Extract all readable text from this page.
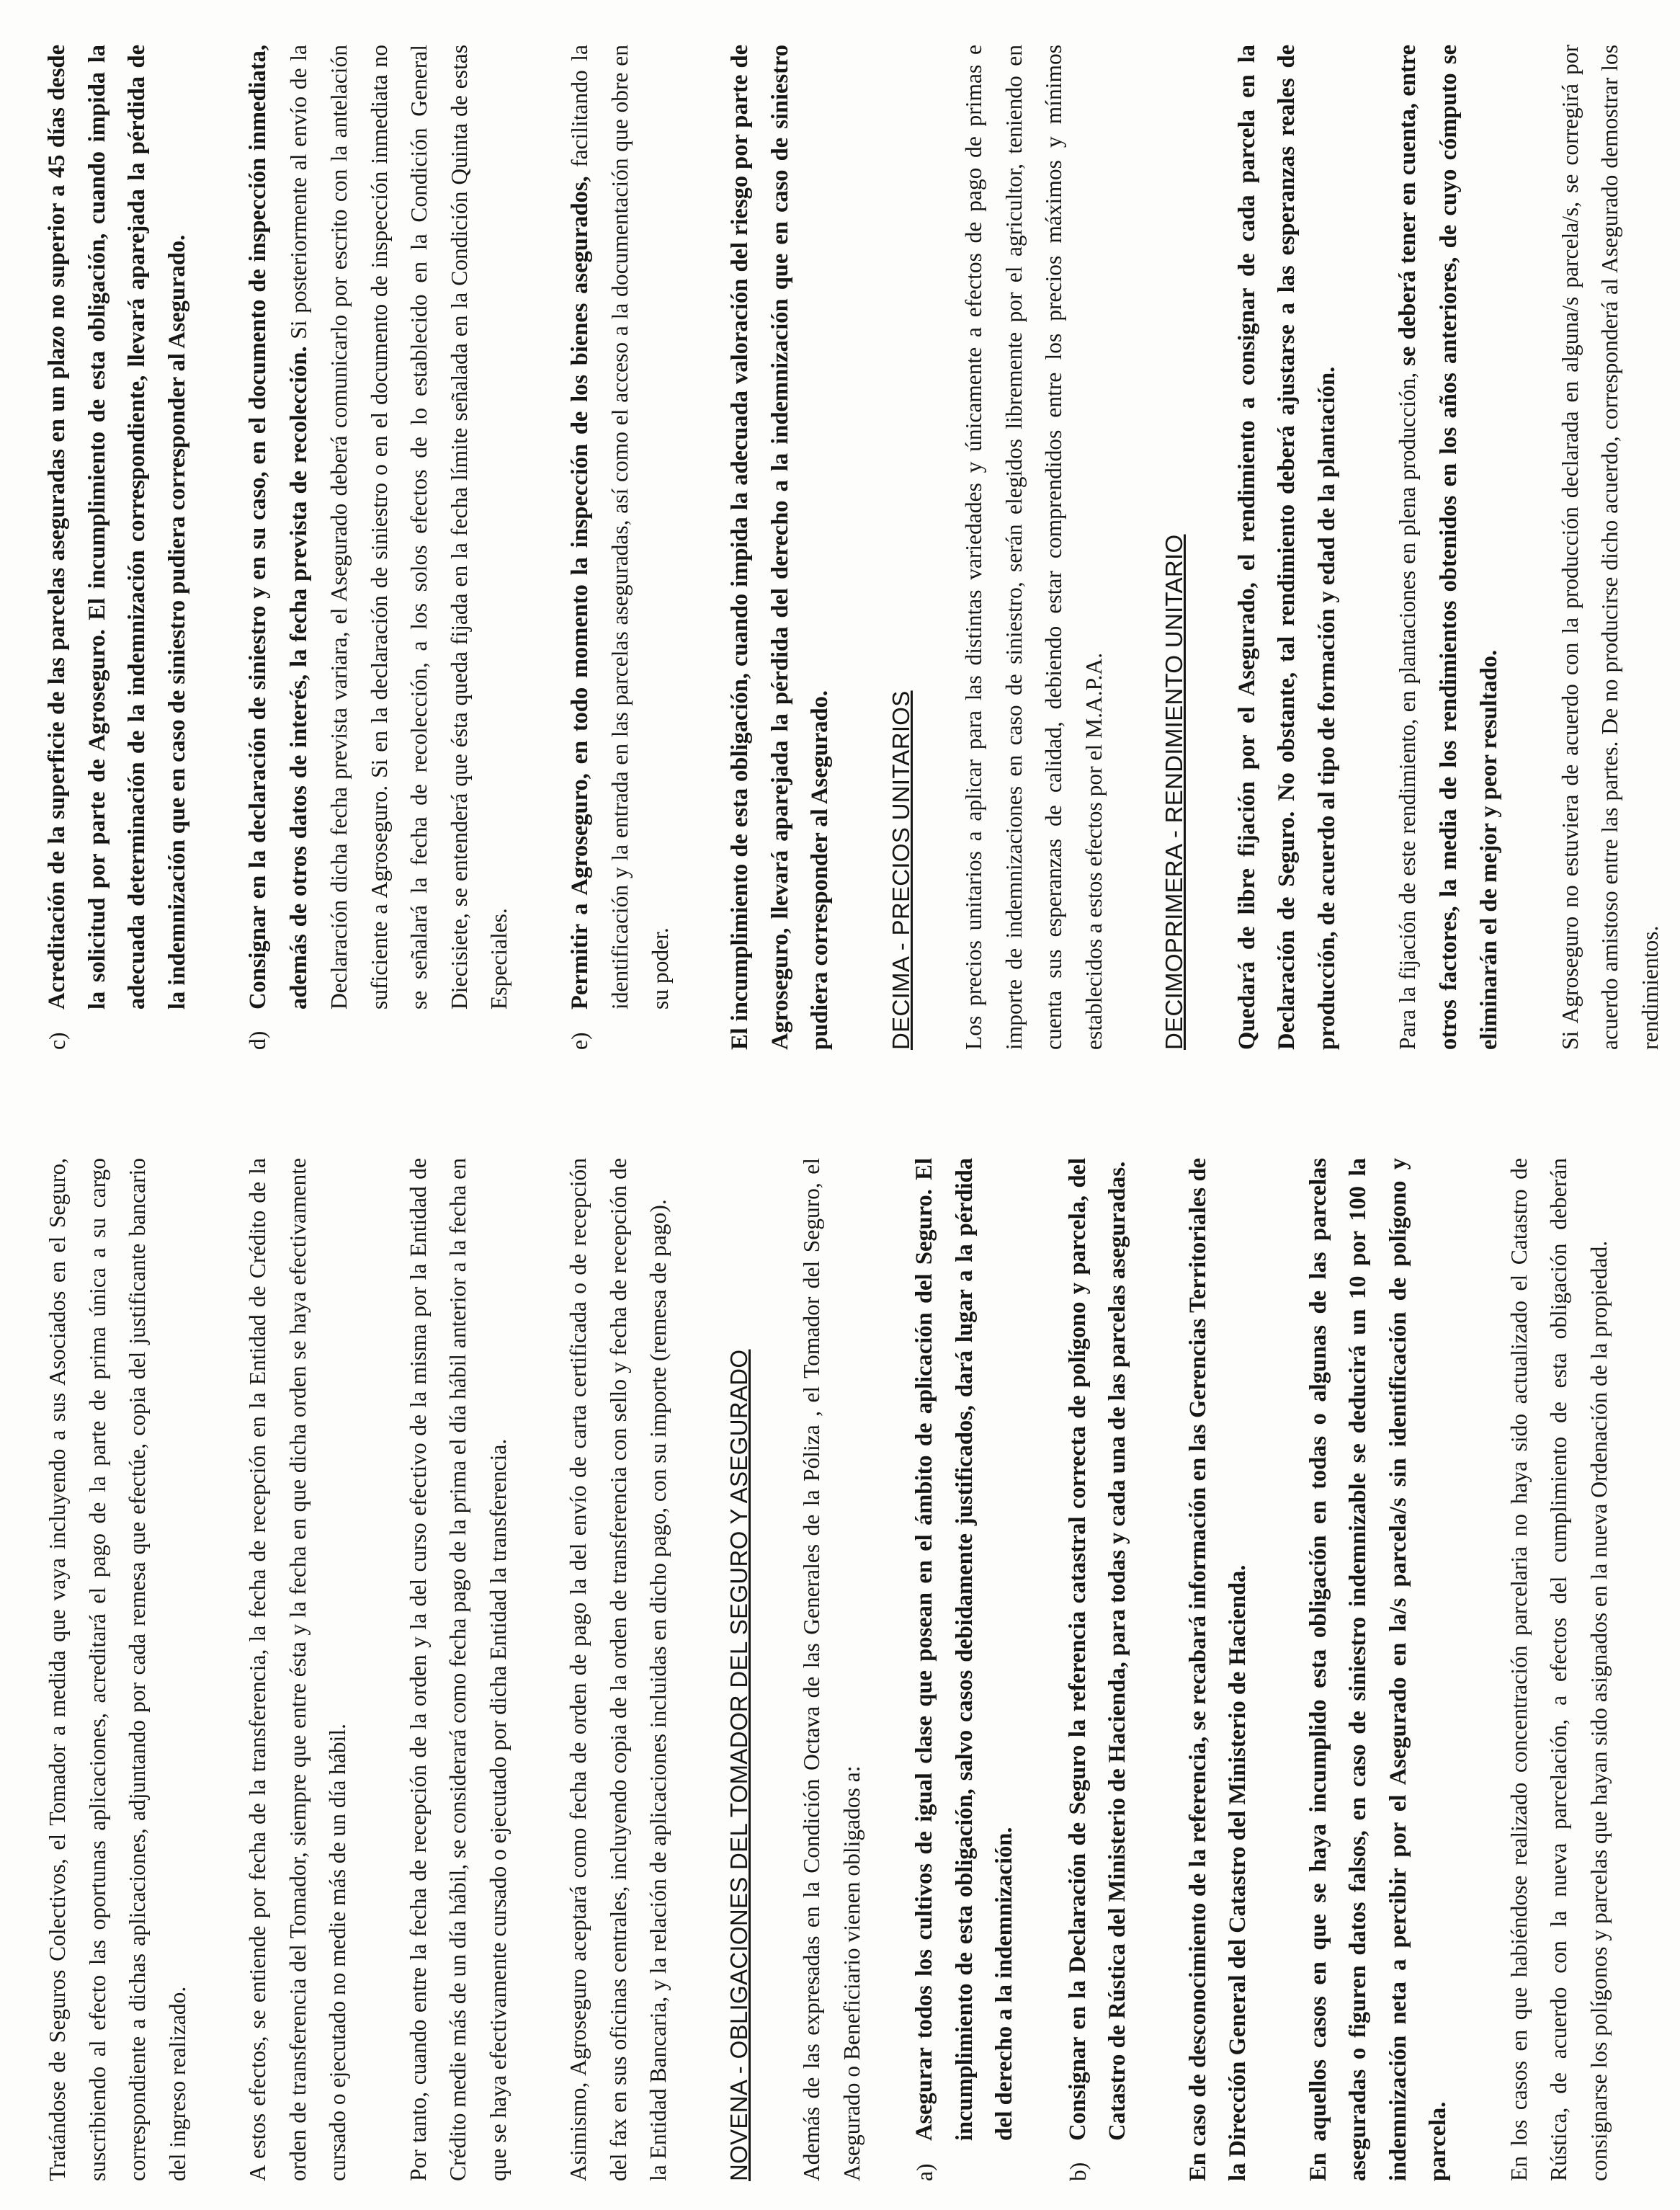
Tratándose de Seguros Colectivos, el Tomador a medida que vaya incluyendo a sus Asociados en el Seguro, suscribiendo al efecto las oportunas aplicaciones, acreditará el pago de la parte de prima única a su cargo correspondiente a dichas aplicaciones, adjuntando por cada remesa que efectúe, copia del justificante bancario del ingreso realizado.	A estos efectos, se entiende por fecha de la transferencia, la fecha de recepción en la Entidad de Crédito de la orden de transferencia del Tomador, siempre que entre ésta y la fecha en que dicha orden se haya efectivamente cursado o ejecutado no medie más de un día hábil.	Por tanto, cuando entre la fecha de recepción de la orden y la del curso efectivo de la misma por la Entidad de Crédito medie más de un día hábil, se considerará como fecha pago de la prima el día hábil anterior a la fecha en que se haya efectivamente cursado o ejecutado por dicha Entidad la transferencia.	Asimismo, Agroseguro aceptará como fecha de orden de pago la del envío de carta certificada o de recepción del fax en sus oficinas centrales, incluyendo copia de la orden de transferencia con sello y fecha de recepción de la Entidad Bancaria, y la relación de aplicaciones incluidas en dicho pago, con su importe (remesa de pago).	NOVENA - OBLIGACIONES DEL TOMADOR DEL SEGURO Y ASEGURADO	Además de las expresadas en la Condición Octava de las Generales de la Póliza , el Tomador del Seguro, el Asegurado o Beneficiario vienen obligados a:	a)
Asegurar todos los cultivos de igual clase que posean en el ámbito de aplicación del Seguro. El incumplimiento de esta obligación, salvo casos debidamente justificados, dará lugar a la pérdida del derecho a la indemnización.

b)
Consignar en la Declaración de Seguro la referencia catastral correcta de polígono y parcela, del Catastro de Rústica del Ministerio de Hacienda, para todas y cada una de las parcelas aseguradas.	En caso de desconocimiento de la referencia, se recabará información en las Gerencias Territoriales de la Dirección General del Catastro del Ministerio de Hacienda.	En aquellos casos en que se haya incumplido esta obligación en todas o algunas de las parcelas aseguradas o figuren datos falsos, en caso de siniestro indemnizable se deducirá un 10 por 100 la indemnización neta a percibir por el Asegurado en la/s parcela/s sin identificación de polígono y parcela.	En los casos en que habiéndose realizado concentración parcelaria no haya sido actualizado el Catastro de Rústica, de acuerdo con la nueva parcelación, a efectos del cumplimiento de esta obligación deberán consignarse los polígonos y parcelas que hayan sido asignados en la nueva Ordenación de la propiedad.

c)
Acreditación de la superficie de las parcelas aseguradas en un plazo no superior a 45 días desde la solicitud por parte de Agroseguro. El incumplimiento de esta obligación, cuando impida la adecuada determinación de la indemnización correspondiente, llevará aparejada la pérdida de la indemnización que en caso de siniestro pudiera corresponder al Asegurado.

d)
Consignar en la declaración de siniestro y en su caso, en el documento de inspección inmediata, además de otros datos de interés, la fecha prevista de recolección. Si posteriormente al envío de la Declaración dicha fecha prevista variara, el Asegurado deberá comunicarlo por escrito con la antelación suficiente a Agroseguro. Si en la declaración de siniestro o en el documento de inspección inmediata no se señalará la fecha de recolección, a los solos efectos de lo establecido en la Condición General Diecisiete, se entenderá que ésta queda fijada en la fecha límite señalada en la Condición Quinta de estas Especiales.

e)
Permitir a Agroseguro, en todo momento la inspección de los bienes asegurados, facilitando la identificación y la entrada en las parcelas aseguradas, así como el acceso a la documentación que obre en su poder.	El incumplimiento de esta obligación, cuando impida la adecuada valoración del riesgo por parte de Agroseguro, llevará aparejada la pérdida del derecho a la indemnización que en caso de siniestro pudiera corresponder al Asegurado.	DECIMA - PRECIOS UNITARIOS	Los precios unitarios a aplicar para las distintas variedades y únicamente a efectos de pago de primas e importe de indemnizaciones en caso de siniestro, serán elegidos libremente por el agricultor, teniendo en cuenta sus esperanzas de calidad, debiendo estar comprendidos entre los precios máximos y mínimos establecidos a estos efectos por el M.A.P.A.	DECIMOPRIMERA - RENDIMIENTO UNITARIO Quedará de libre fijación por el Asegurado, el rendimiento a consignar de cada parcela en la Declaración de Seguro. No obstante, tal rendimiento deberá ajustarse a las esperanzas reales de producción, de acuerdo al tipo de formación y edad de la plantación.	Para la fijación de este rendimiento, en plantaciones en plena producción, se deberá tener en cuenta, entre otros factores, la media de los rendimientos obtenidos en los años anteriores, de cuyo cómputo se eliminarán el de mejor y peor resultado.	Si Agroseguro no estuviera de acuerdo con la producción declarada en alguna/s parcela/s, se corregirá por acuerdo amistoso entre las partes. De no producirse dicho acuerdo, corresponderá al Asegurado demostrar los rendimientos.
